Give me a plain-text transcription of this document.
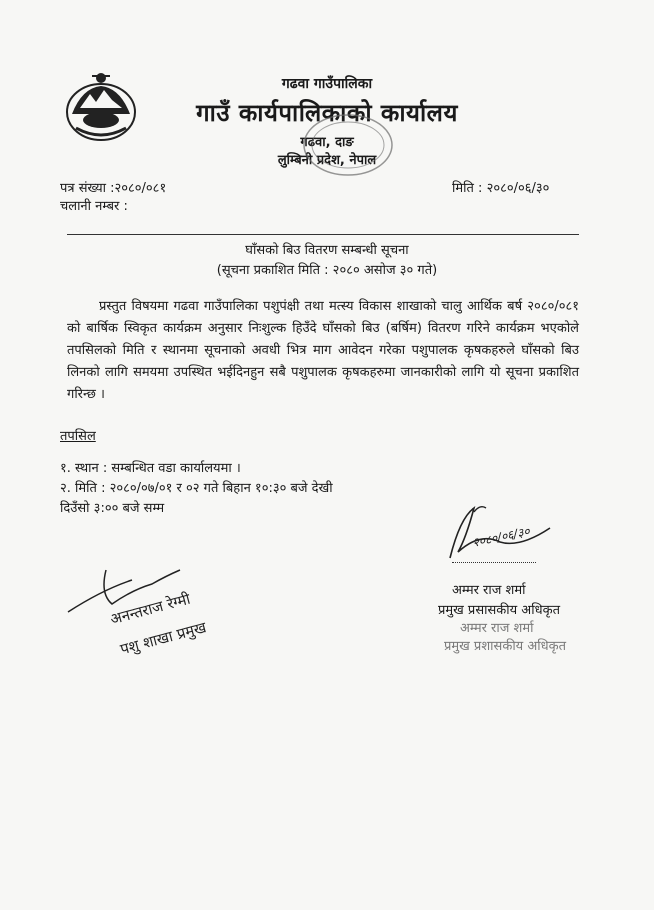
गढवा गाउँपालिका
गाउँ कार्यपालिकाको कार्यालय
गढवा, दाङ
लुम्बिनी प्रदेश, नेपाल
पत्र संख्या :२०८०/०८१
चलानी नम्बर :
मिति : २०८०/०६/३०
घाँसको बिउ वितरण सम्बन्धी सूचना
(सूचना प्रकाशित मिति : २०८० असोज ३० गते)
प्रस्तुत विषयमा गढवा गाउँपालिका पशुपंक्षी तथा मत्स्य विकास शाखाको चालु आर्थिक बर्ष २०८०/०८१ को बार्षिक स्विकृत कार्यक्रम अनुसार निःशुल्क हिउँदे घाँसको बिउ (बर्षिम) वितरण गरिने कार्यक्रम भएकोले तपसिलको मिति र स्थानमा सूचनाको अवधी भित्र माग आवेदन गरेका पशुपालक कृषकहरुले घाँसको बिउ लिनको लागि समयमा उपस्थित भईदिनहुन सबै पशुपालक कृषकहरुमा जानकारीको लागि यो सूचना प्रकाशित गरिन्छ ।
तपसिल
१. स्थान : सम्बन्धित वडा कार्यालयमा ।
२. मिति : २०८०/०७/०१ र ०२ गते बिहान १०:३० बजे देखी
दिउँसो ३:०० बजे सम्म
२०८०/०६/३०
अम्मर राज शर्मा
प्रमुख प्रसासकीय अधिकृत
अम्मर राज शर्मा
प्रमुख प्रशासकीय अधिकृत
अनन्तराज रेग्मी
पशु शाखा प्रमुख
